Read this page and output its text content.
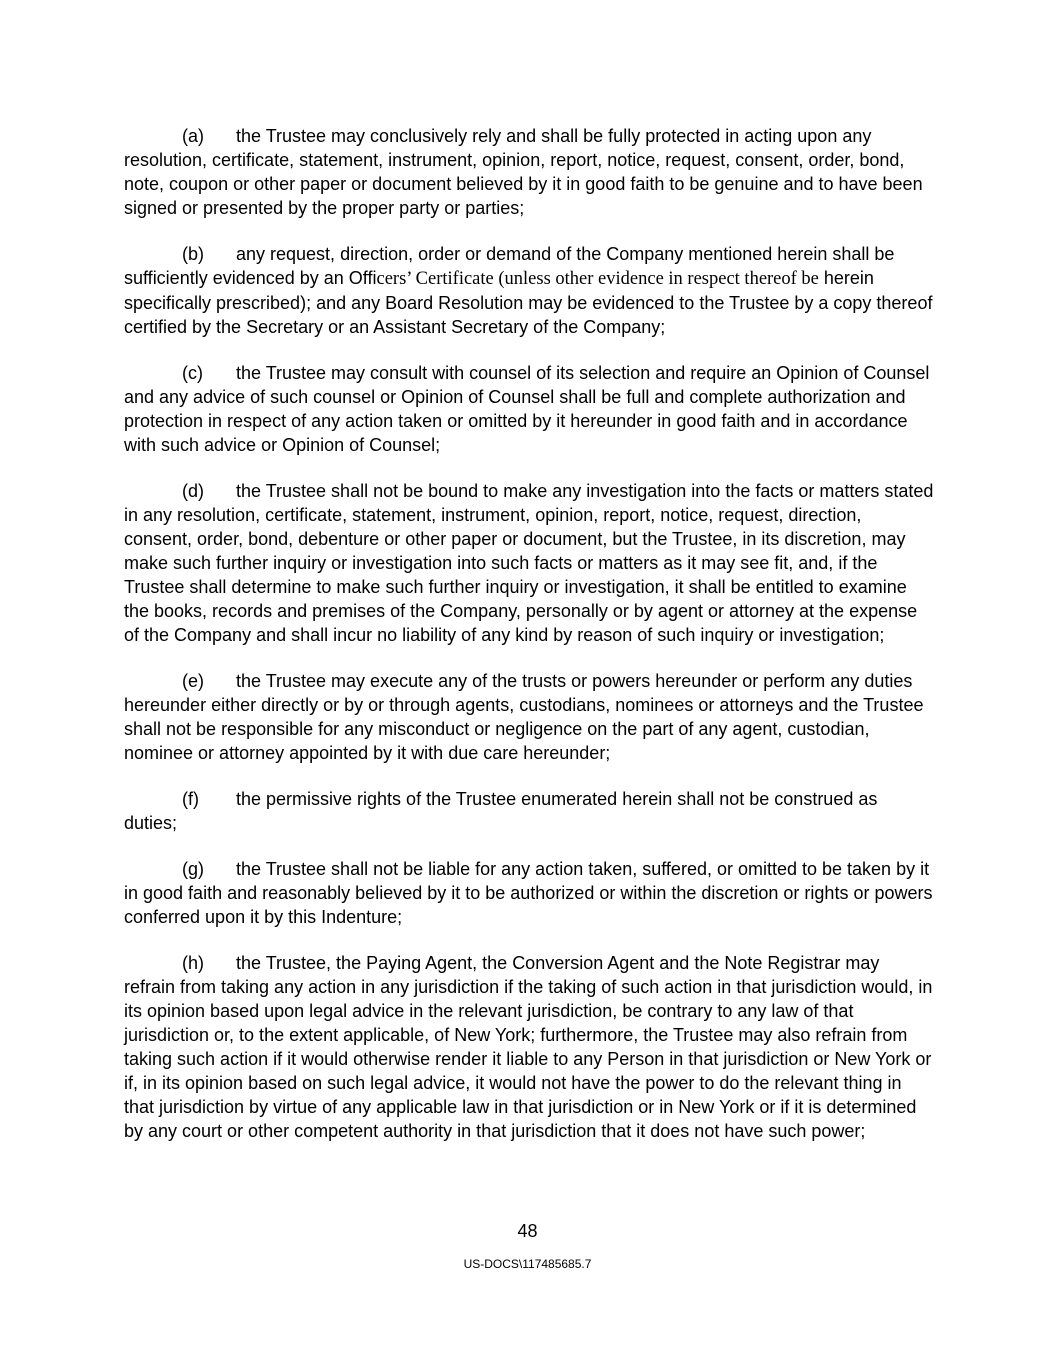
(a) the Trustee may conclusively rely and shall be fully protected in acting upon any resolution, certificate, statement, instrument, opinion, report, notice, request, consent, order, bond, note, coupon or other paper or document believed by it in good faith to be genuine and to have been signed or presented by the proper party or parties;

(b) any request, direction, order or demand of the Company mentioned herein shall be sufficiently evidenced by an Officers’ Certificate (unless other evidence in respect thereof be herein specifically prescribed); and any Board Resolution may be evidenced to the Trustee by a copy thereof certified by the Secretary or an Assistant Secretary of the Company;

(c) the Trustee may consult with counsel of its selection and require an Opinion of Counsel and any advice of such counsel or Opinion of Counsel shall be full and complete authorization and protection in respect of any action taken or omitted by it hereunder in good faith and in accordance with such advice or Opinion of Counsel;

(d) the Trustee shall not be bound to make any investigation into the facts or matters stated in any resolution, certificate, statement, instrument, opinion, report, notice, request, direction, consent, order, bond, debenture or other paper or document, but the Trustee, in its discretion, may make such further inquiry or investigation into such facts or matters as it may see fit, and, if the Trustee shall determine to make such further inquiry or investigation, it shall be entitled to examine the books, records and premises of the Company, personally or by agent or attorney at the expense of the Company and shall incur no liability of any kind by reason of such inquiry or investigation;

(e) the Trustee may execute any of the trusts or powers hereunder or perform any duties hereunder either directly or by or through agents, custodians, nominees or attorneys and the Trustee shall not be responsible for any misconduct or negligence on the part of any agent, custodian, nominee or attorney appointed by it with due care hereunder;

(f) the permissive rights of the Trustee enumerated herein shall not be construed as duties;

(g) the Trustee shall not be liable for any action taken, suffered, or omitted to be taken by it in good faith and reasonably believed by it to be authorized or within the discretion or rights or powers conferred upon it by this Indenture;

(h) the Trustee, the Paying Agent, the Conversion Agent and the Note Registrar may refrain from taking any action in any jurisdiction if the taking of such action in that jurisdiction would, in its opinion based upon legal advice in the relevant jurisdiction, be contrary to any law of that jurisdiction or, to the extent applicable, of New York; furthermore, the Trustee may also refrain from taking such action if it would otherwise render it liable to any Person in that jurisdiction or New York or if, in its opinion based on such legal advice, it would not have the power to do the relevant thing in that jurisdiction by virtue of any applicable law in that jurisdiction or in New York or if it is determined by any court or other competent authority in that jurisdiction that it does not have such power;

48
US-DOCS\117485685.7
